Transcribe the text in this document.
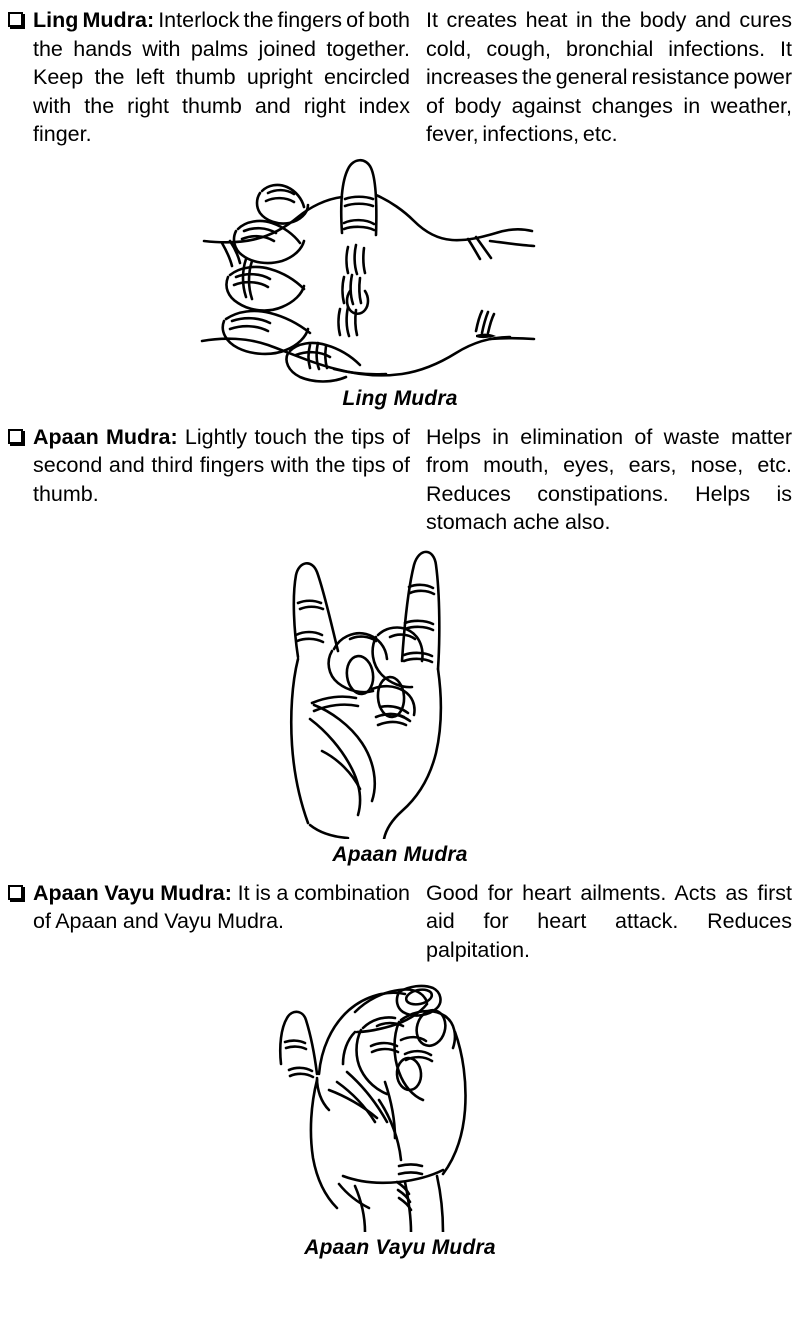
Ling Mudra: Interlock the fingers of both the hands with palms joined together. Keep the left thumb upright encircled with the right thumb and right index finger.

It creates heat in the body and cures cold, cough, bronchial infections. It increases the general resistance power of body against changes in weather, fever, infections, etc.

Ling Mudra

Apaan Mudra: Lightly touch the tips of second and third fingers with the tips of thumb.

Helps in elimination of waste matter from mouth, eyes, ears, nose, etc. Reduces constipations. Helps is stomach ache also.

Apaan Mudra

Apaan Vayu Mudra: It is a combination of Apaan and Vayu Mudra.

Good for heart ailments. Acts as first aid for heart attack. Reduces palpitation.

Apaan Vayu Mudra
